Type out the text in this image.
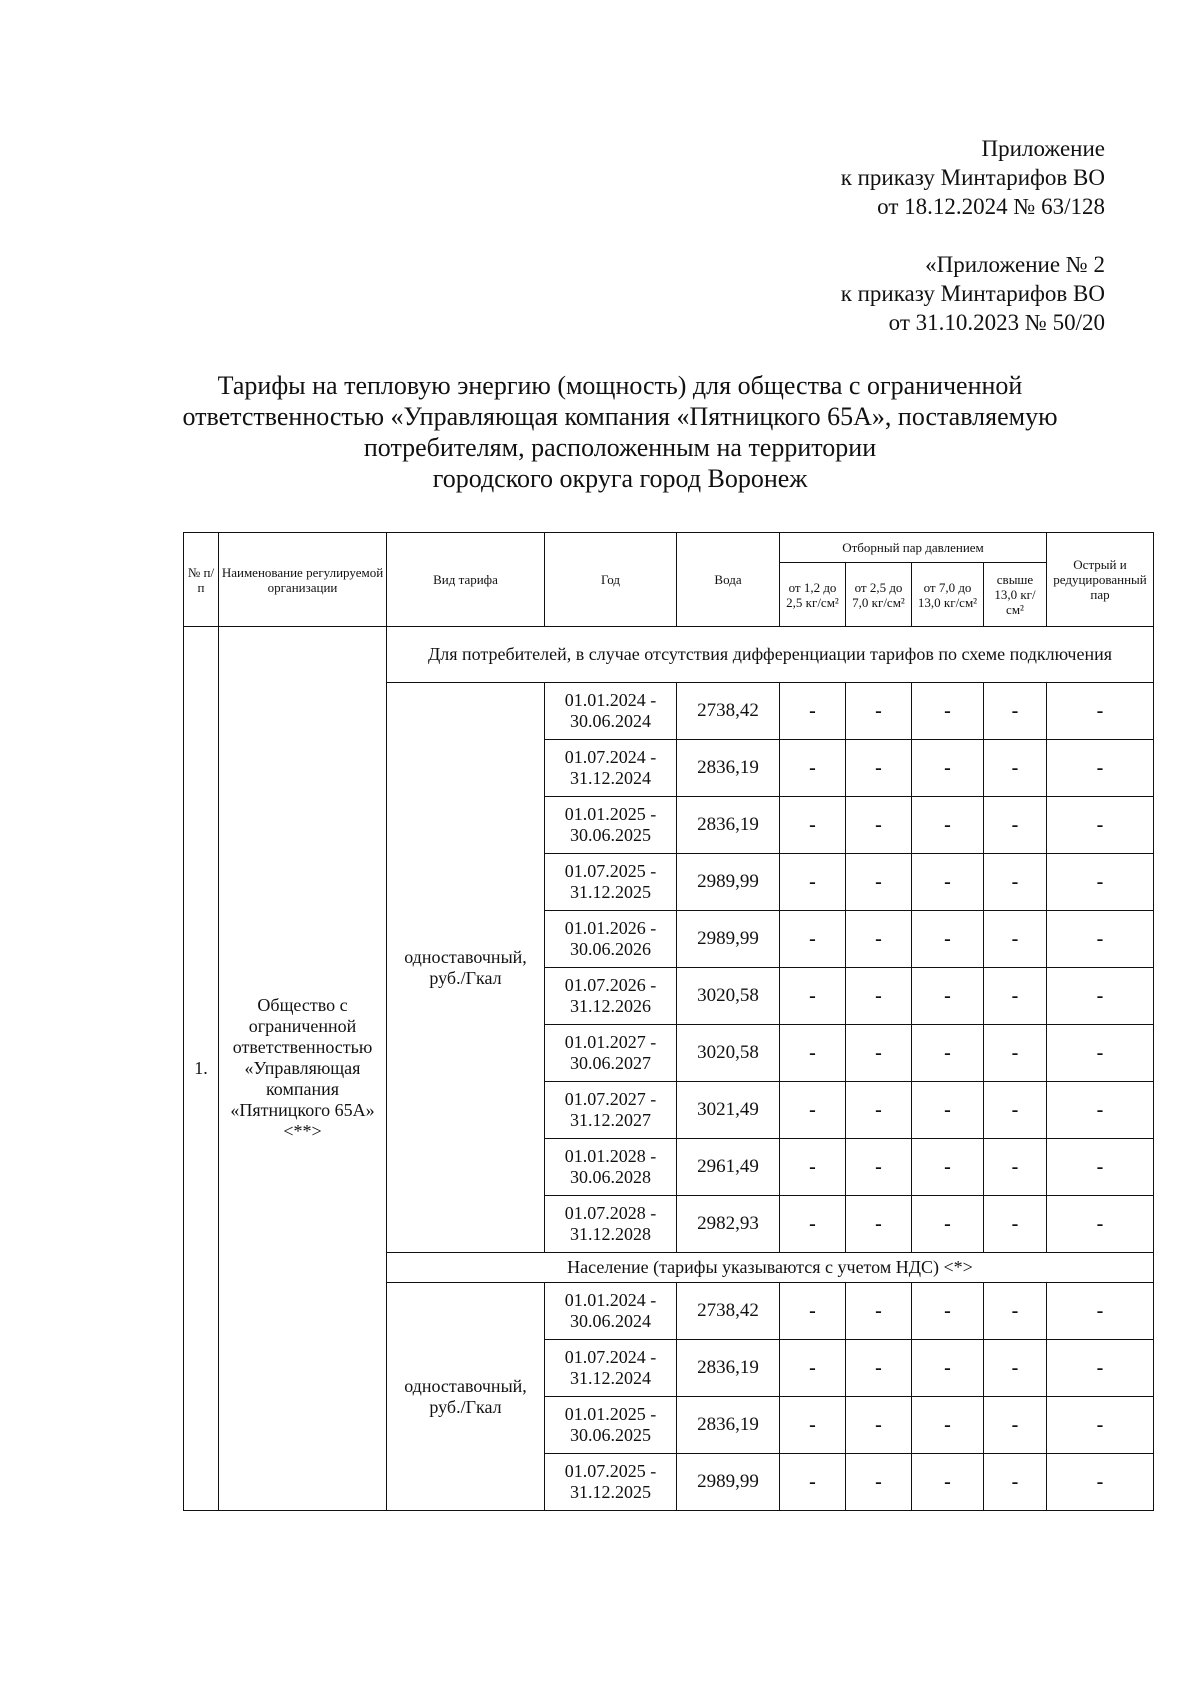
Приложение
к приказу Минтарифов ВО
от 18.12.2024 № 63/128
«Приложение № 2
к приказу Минтарифов ВО
от 31.10.2023 № 50/20
Тарифы на тепловую энергию (мощность) для общества с ограниченной
ответственностью «Управляющая компания «Пятницкого 65А», поставляемую
потребителям, расположенным на территории
городского округа город Воронеж
№ п/п	Наименование регулируемой организации	Вид тарифа	Год	Вода	Отборный пар давлением				Острый и редуцированный пар
					от 1,2 до 2,5 кг/см²	от 2,5 до 7,0 кг/см²	от 7,0 до 13,0 кг/см²	свыше 13,0 кг/см²	
1.	Общество с ограниченной ответственностью «Управляющая компания «Пятницкого 65А» <**>	Для потребителей, в случае отсутствия дифференциации тарифов по схеме подключения							
		одноставочный, руб./Гкал	01.01.2024 - 30.06.2024	2738,42	-	-	-	-	-
			01.07.2024 - 31.12.2024	2836,19	-	-	-	-	-
			01.01.2025 - 30.06.2025	2836,19	-	-	-	-	-
			01.07.2025 - 31.12.2025	2989,99	-	-	-	-	-
			01.01.2026 - 30.06.2026	2989,99	-	-	-	-	-
			01.07.2026 - 31.12.2026	3020,58	-	-	-	-	-
			01.01.2027 - 30.06.2027	3020,58	-	-	-	-	-
			01.07.2027 - 31.12.2027	3021,49	-	-	-	-	-
			01.01.2028 - 30.06.2028	2961,49	-	-	-	-	-
			01.07.2028 - 31.12.2028	2982,93	-	-	-	-	-
		Население (тарифы указываются с учетом НДС) <*>							
		одноставочный, руб./Гкал	01.01.2024 - 30.06.2024	2738,42	-	-	-	-	-
			01.07.2024 - 31.12.2024	2836,19	-	-	-	-	-
			01.01.2025 - 30.06.2025	2836,19	-	-	-	-	-
			01.07.2025 - 31.12.2025	2989,99	-	-	-	-	-
